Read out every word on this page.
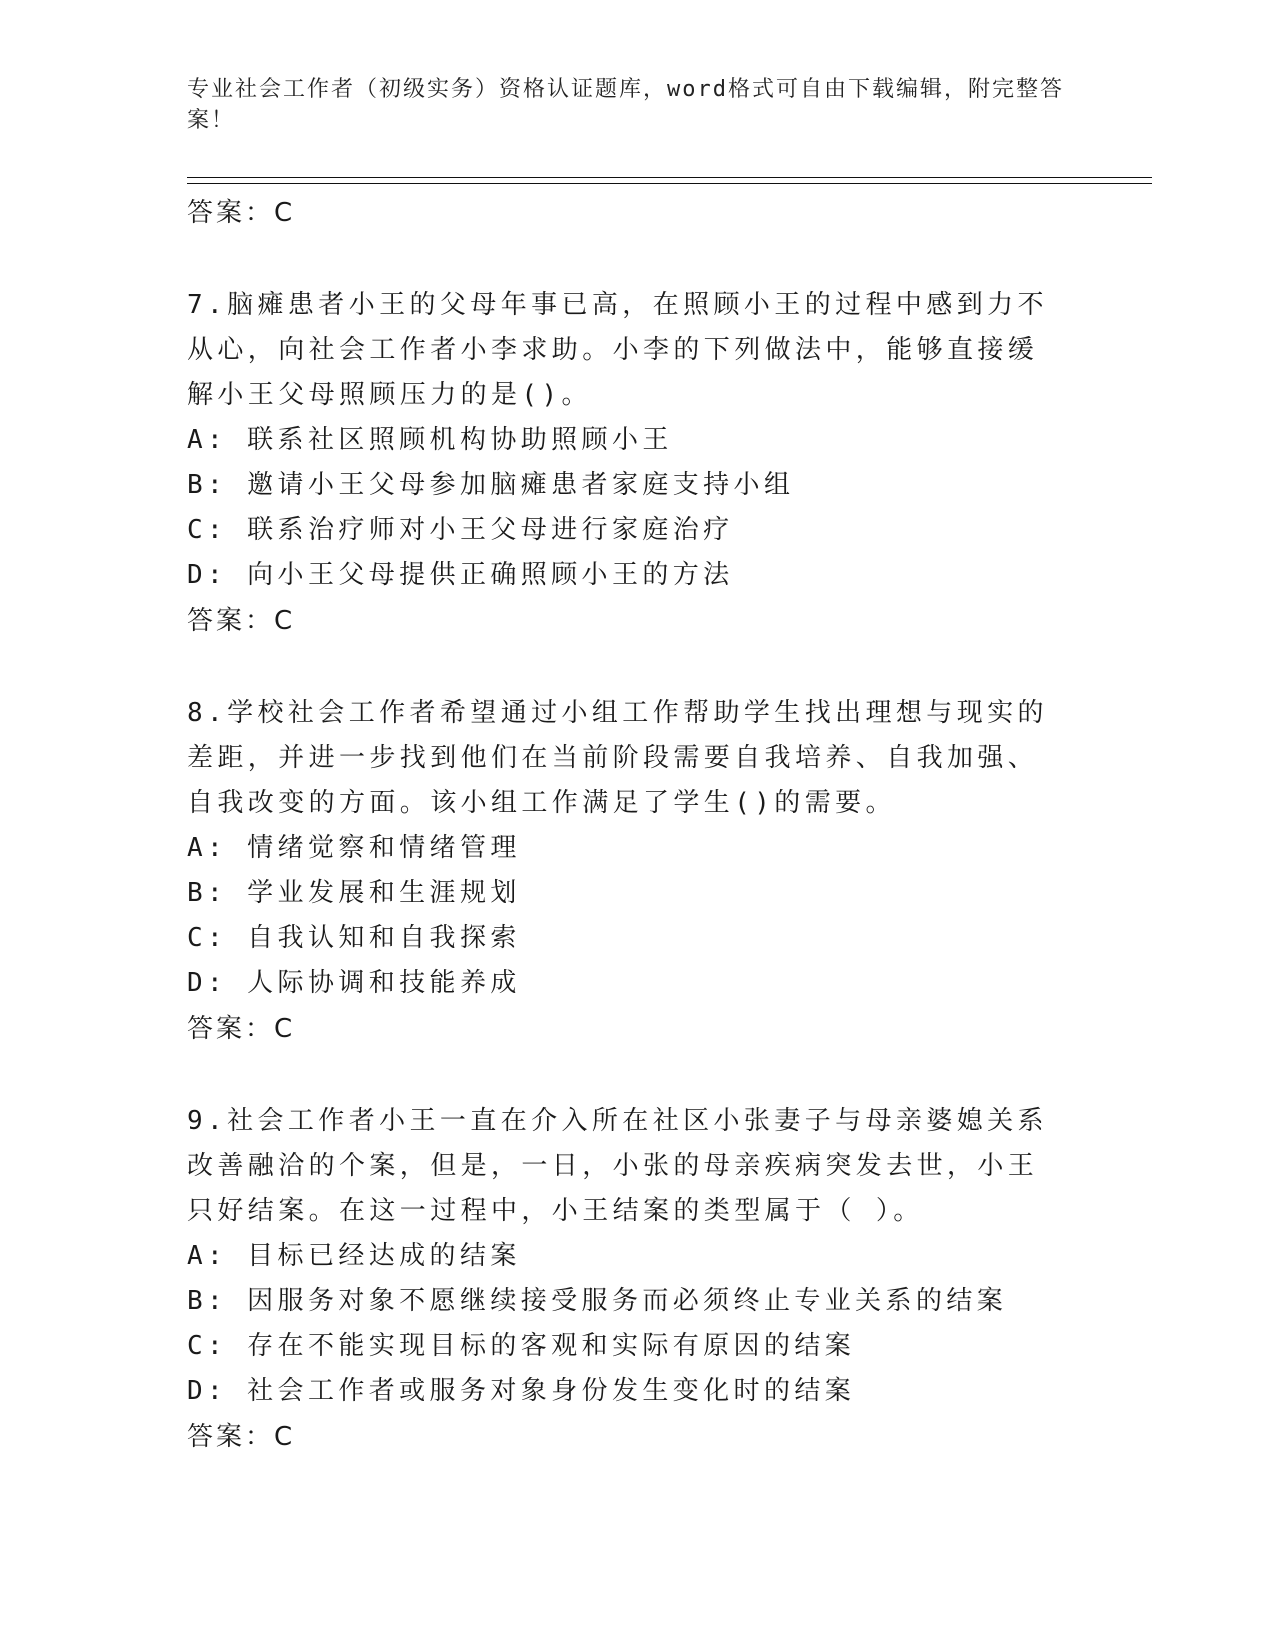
专业社会工作者（初级实务）资格认证题库，word格式可自由下载编辑，附完整答案！
答案：C
7.脑瘫患者小王的父母年事已高，在照顾小王的过程中感到力不从心，向社会工作者小李求助。小李的下列做法中，能够直接缓解小王父母照顾压力的是()。
A: 联系社区照顾机构协助照顾小王
B: 邀请小王父母参加脑瘫患者家庭支持小组
C: 联系治疗师对小王父母进行家庭治疗
D: 向小王父母提供正确照顾小王的方法
答案：C
8.学校社会工作者希望通过小组工作帮助学生找出理想与现实的差距，并进一步找到他们在当前阶段需要自我培养、自我加强、自我改变的方面。该小组工作满足了学生()的需要。
A: 情绪觉察和情绪管理
B: 学业发展和生涯规划
C: 自我认知和自我探索
D: 人际协调和技能养成
答案：C
9.社会工作者小王一直在介入所在社区小张妻子与母亲婆媳关系改善融洽的个案，但是，一日，小张的母亲疾病突发去世，小王只好结案。在这一过程中，小王结案的类型属于（ ）。
A: 目标已经达成的结案
B: 因服务对象不愿继续接受服务而必须终止专业关系的结案
C: 存在不能实现目标的客观和实际有原因的结案
D: 社会工作者或服务对象身份发生变化时的结案
答案：C
